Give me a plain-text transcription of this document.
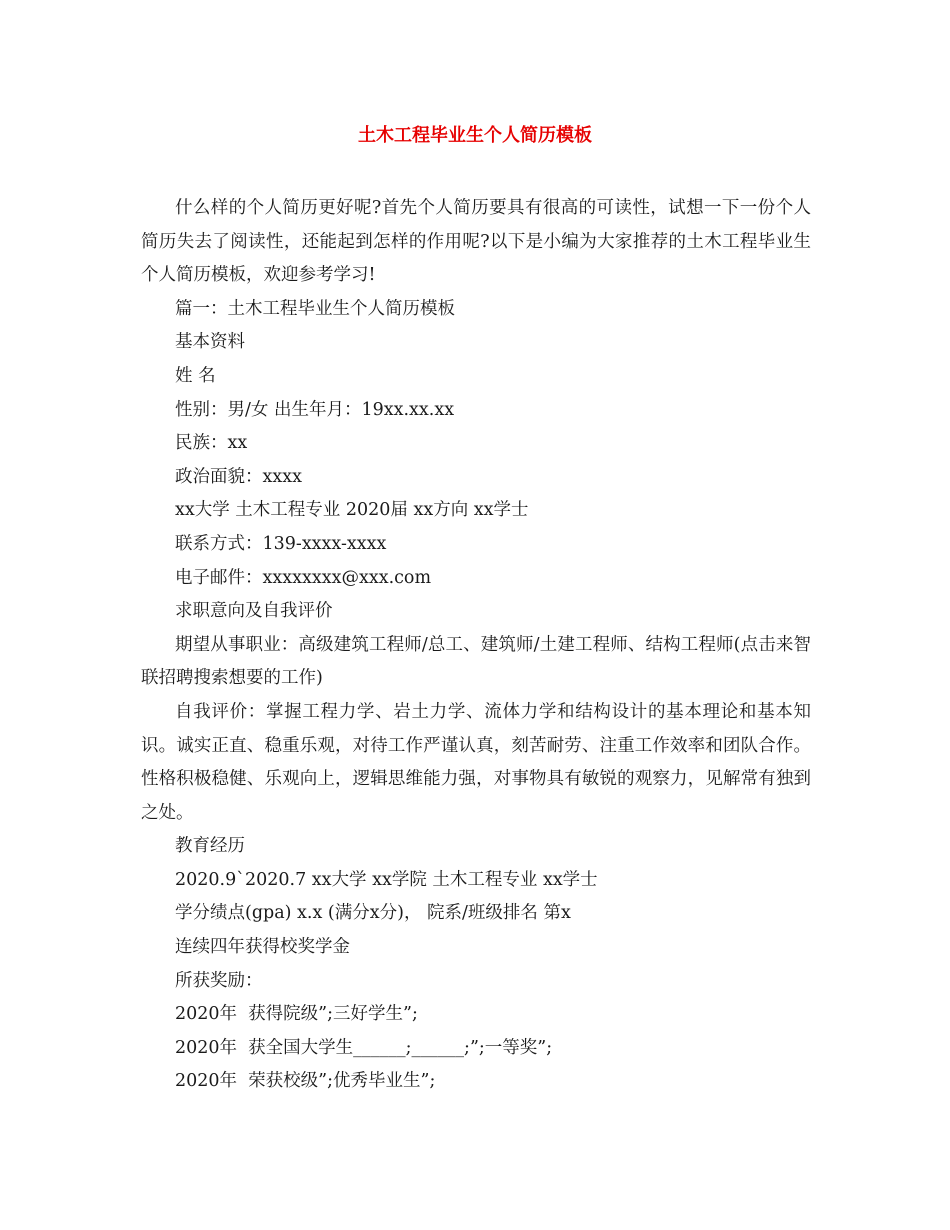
土木工程毕业生个人简历模板

什么样的个人简历更好呢?首先个人简历要具有很高的可读性，试想一下一份个人简历失去了阅读性，还能起到怎样的作用呢?以下是小编为大家推荐的土木工程毕业生个人简历模板，欢迎参考学习!

篇一：土木工程毕业生个人简历模板

基本资料

姓 名

性别：男/女 出生年月：19xx.xx.xx

民族：xx

政治面貌：xxxx

xx大学 土木工程专业 2020届 xx方向 xx学士

联系方式：139-xxxx-xxxx

电子邮件：xxxxxxxx@xxx.com

求职意向及自我评价

期望从事职业：高级建筑工程师/总工、建筑师/土建工程师、结构工程师(点击来智联招聘搜索想要的工作)

自我评价：掌握工程力学、岩土力学、流体力学和结构设计的基本理论和基本知识。诚实正直、稳重乐观，对待工作严谨认真，刻苦耐劳、注重工作效率和团队合作。性格积极稳健、乐观向上，逻辑思维能力强，对事物具有敏锐的观察力，见解常有独到之处。

教育经历

2020.9`2020.7 xx大学 xx学院 土木工程专业 xx学士

学分绩点(gpa) x.x (满分x分)， 院系/班级排名 第x

连续四年获得校奖学金

所获奖励：

2020年  获得院级”;三好学生”;

2020年  获全国大学生______;______;”;一等奖”;

2020年  荣获校级”;优秀毕业生”;
